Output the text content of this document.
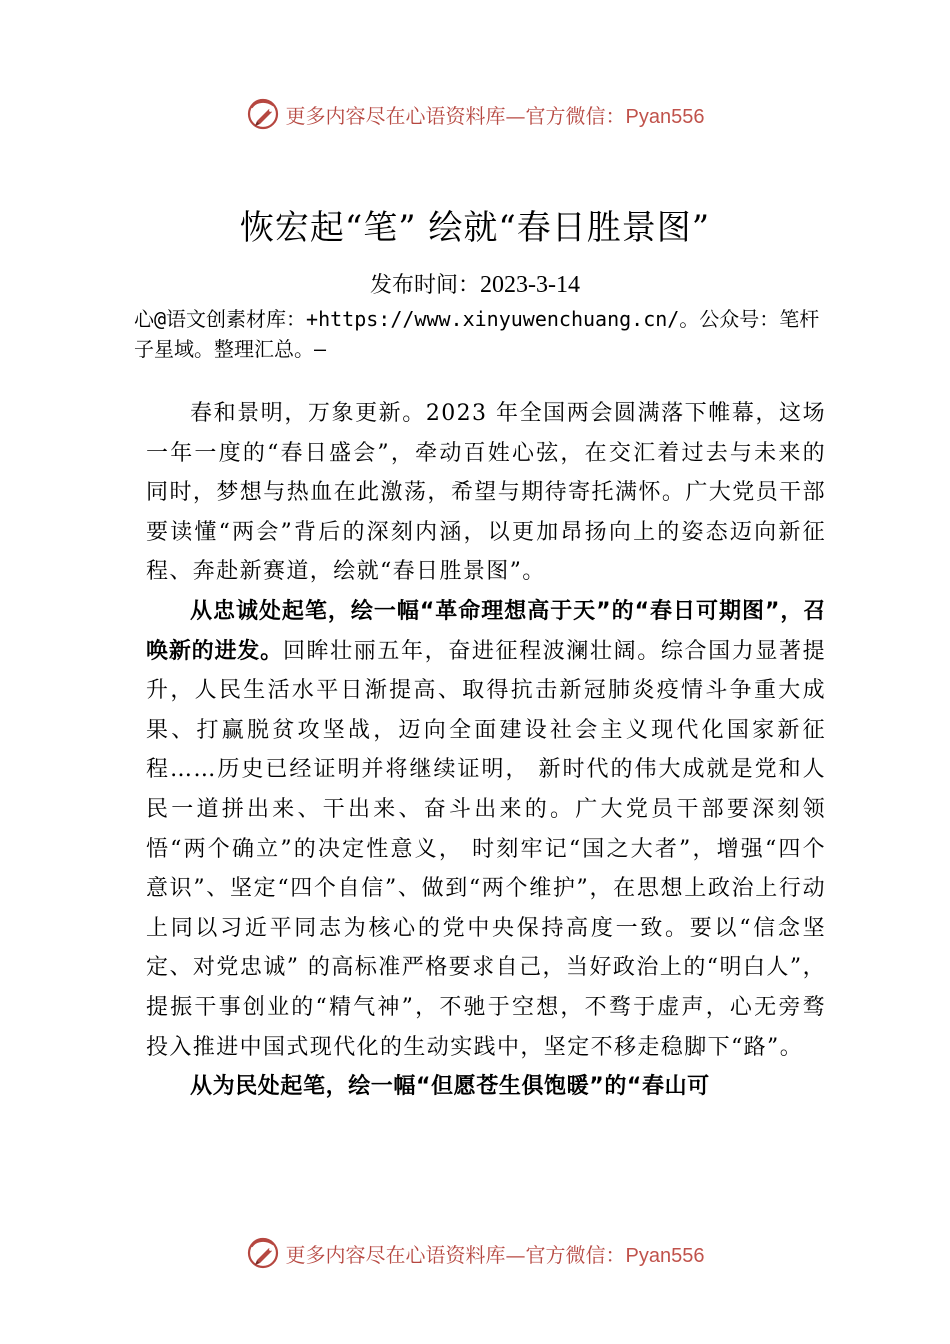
更多内容尽在心语资料库—官方微信：Pyan556
恢宏起“笔” 绘就“春日胜景图”
发布时间：2023-3-14
心@语文创素材库：+https://www.xinyuwenchuang.cn/。公众号：笔杆子星域。整理汇总。—

春和景明，万象更新。2023 年全国两会圆满落下帷幕，这场一年一度的“春日盛会”，牵动百姓心弦，在交汇着过去与未来的同时，梦想与热血在此激荡，希望与期待寄托满怀。广大党员干部要读懂“两会”背后的深刻内涵，以更加昂扬向上的姿态迈向新征程、奔赴新赛道，绘就“春日胜景图”。

从忠诚处起笔，绘一幅“革命理想高于天”的“春日可期图”，召唤新的进发。回眸壮丽五年，奋进征程波澜壮阔。综合国力显著提升，人民生活水平日渐提高、取得抗击新冠肺炎疫情斗争重大成果、打赢脱贫攻坚战，迈向全面建设社会主义现代化国家新征程……历史已经证明并将继续证明， 新时代的伟大成就是党和人民一道拼出来、干出来、奋斗出来的。广大党员干部要深刻领悟“两个确立”的决定性意义， 时刻牢记“国之大者”，增强“四个意识”、坚定“四个自信”、做到“两个维护”，在思想上政治上行动上同以习近平同志为核心的党中央保持高度一致。要以“信念坚定、对党忠诚” 的高标准严格要求自己，当好政治上的“明白人”，提振干事创业的“精气神”，不驰于空想，不骛于虚声，心无旁骛投入推进中国式现代化的生动实践中，坚定不移走稳脚下“路”。

从为民处起笔，绘一幅“但愿苍生俱饱暖”的“春山可

更多内容尽在心语资料库—官方微信：Pyan556
